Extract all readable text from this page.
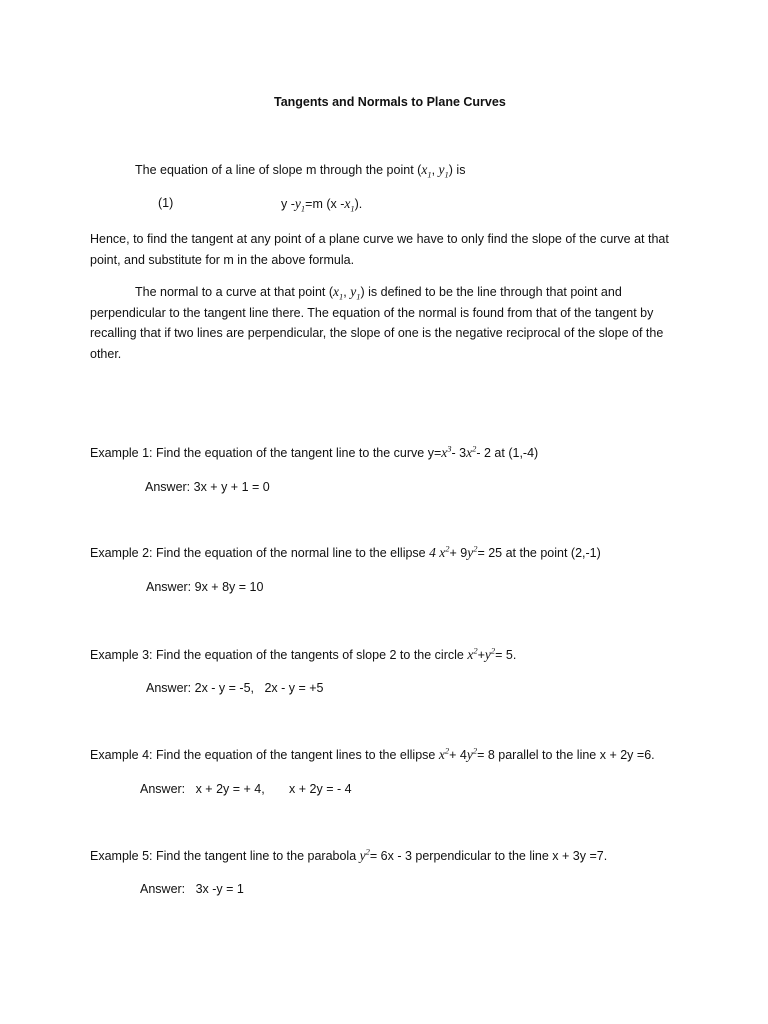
Tangents and Normals to Plane Curves
The equation of a line of slope m through the point ($x_1$, $y_1$) is
(1)	y $-y_1=m$ (x $-x_1$).
Hence, to find the tangent at any point of a plane curve we have to only find the slope of the curve at that point, and substitute for m in the above formula.
The normal to a curve at that point ($x_1$, $y_1$) is defined to be the line through that point and perpendicular to the tangent line there. The equation of the normal is found from that of the tangent by recalling that if two lines are perpendicular, the slope of one is the negative reciprocal of the slope of the other.
Example 1: Find the equation of the tangent line to the curve $y=x^3-$ $3x^2-$ 2 at (1,-4)
Answer: 3x + y + 1 = 0
Example 2: Find the equation of the normal line to the ellipse 4 $x^2+ 9y^2= 25$ at the point (2,-1)
Answer: 9x + 8y = 10
Example 3: Find the equation of the tangents of slope 2 to the circle $x^2+y^2= 5$.
Answer: 2x - y = -5,   2x - y = +5
Example 4: Find the equation of the tangent lines to the ellipse $x^2+ 4y^2= 8$ parallel to the line x + 2y =6.
Answer:   x + 2y = + 4,       x + 2y = - 4
Example 5: Find the tangent line to the parabola $y^2= 6x - 3$ perpendicular to the line x + 3y =7.
Answer:   3x -y = 1
